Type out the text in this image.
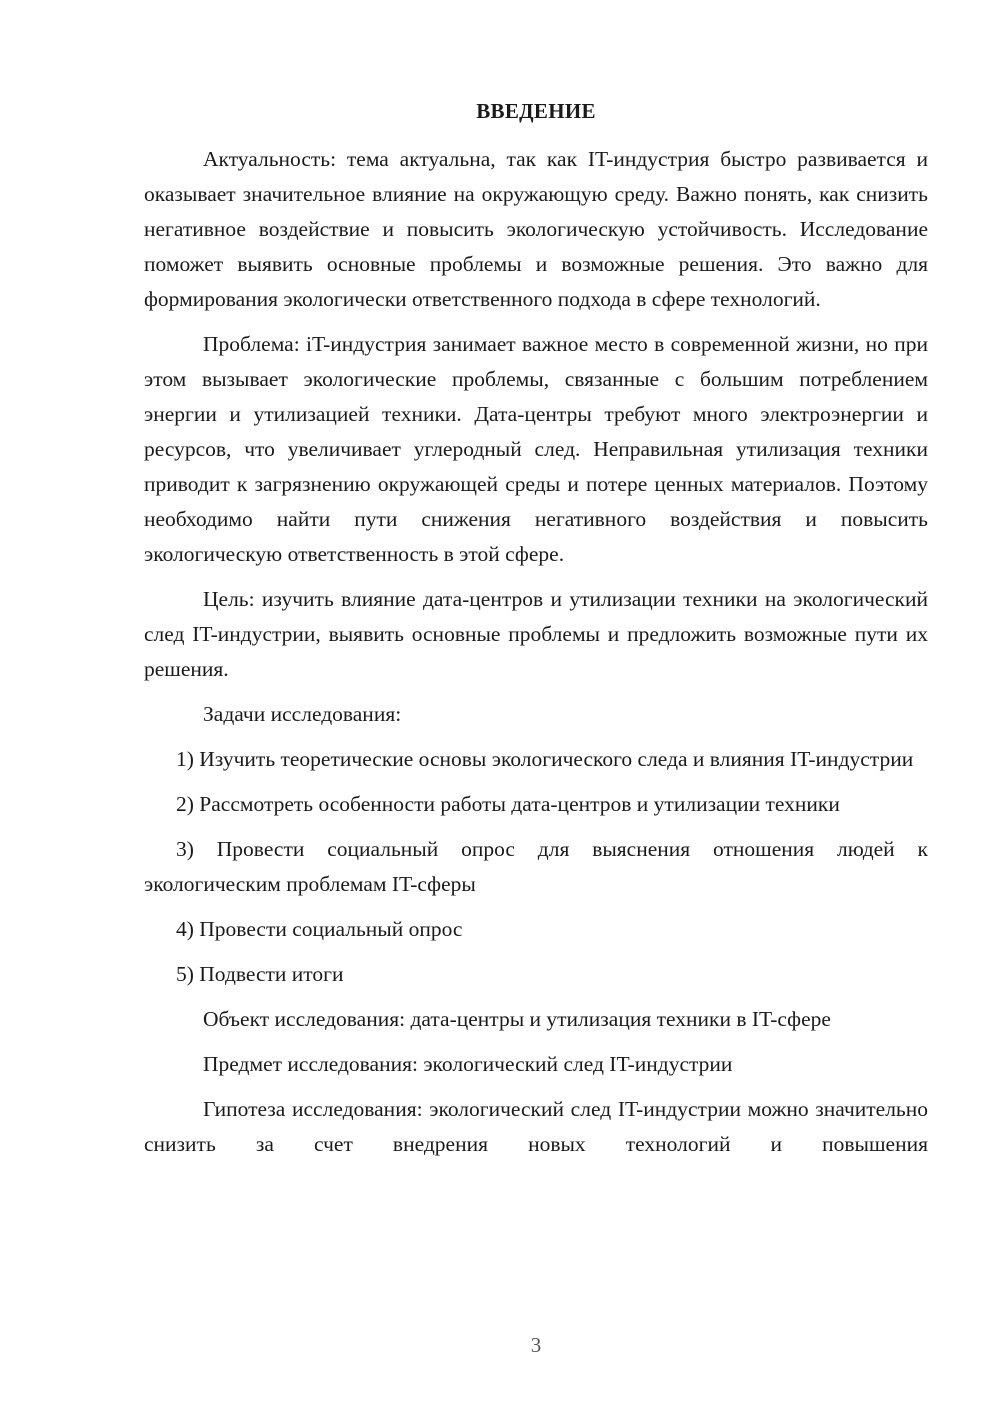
ВВЕДЕНИЕ

Актуальность: тема актуальна, так как IT-индустрия быстро развивается и оказывает значительное влияние на окружающую среду. Важно понять, как снизить негативное воздействие и повысить экологическую устойчивость. Исследование поможет выявить основные проблемы и возможные решения. Это важно для формирования экологически ответственного подхода в сфере технологий.

Проблема: iT-индустрия занимает важное место в современной жизни, но при этом вызывает экологические проблемы, связанные с большим потреблением энергии и утилизацией техники. Дата-центры требуют много электроэнергии и ресурсов, что увеличивает углеродный след. Неправильная утилизация техники приводит к загрязнению окружающей среды и потере ценных материалов. Поэтому необходимо найти пути снижения негативного воздействия и повысить экологическую ответственность в этой сфере.

Цель: изучить влияние дата-центров и утилизации техники на экологический след IT-индустрии, выявить основные проблемы и предложить возможные пути их решения.

Задачи исследования:

1) Изучить теоретические основы экологического следа и влияния IT-индустрии

2) Рассмотреть особенности работы дата-центров и утилизации техники

3) Провести социальный опрос для выяснения отношения людей к экологическим проблемам IT-сферы

4) Провести социальный опрос

5) Подвести итоги

Объект исследования: дата-центры и утилизация техники в IT-сфере

Предмет исследования: экологический след IT-индустрии

Гипотеза исследования: экологический след IT-индустрии можно значительно снизить за счет внедрения новых технологий и повышения

3
